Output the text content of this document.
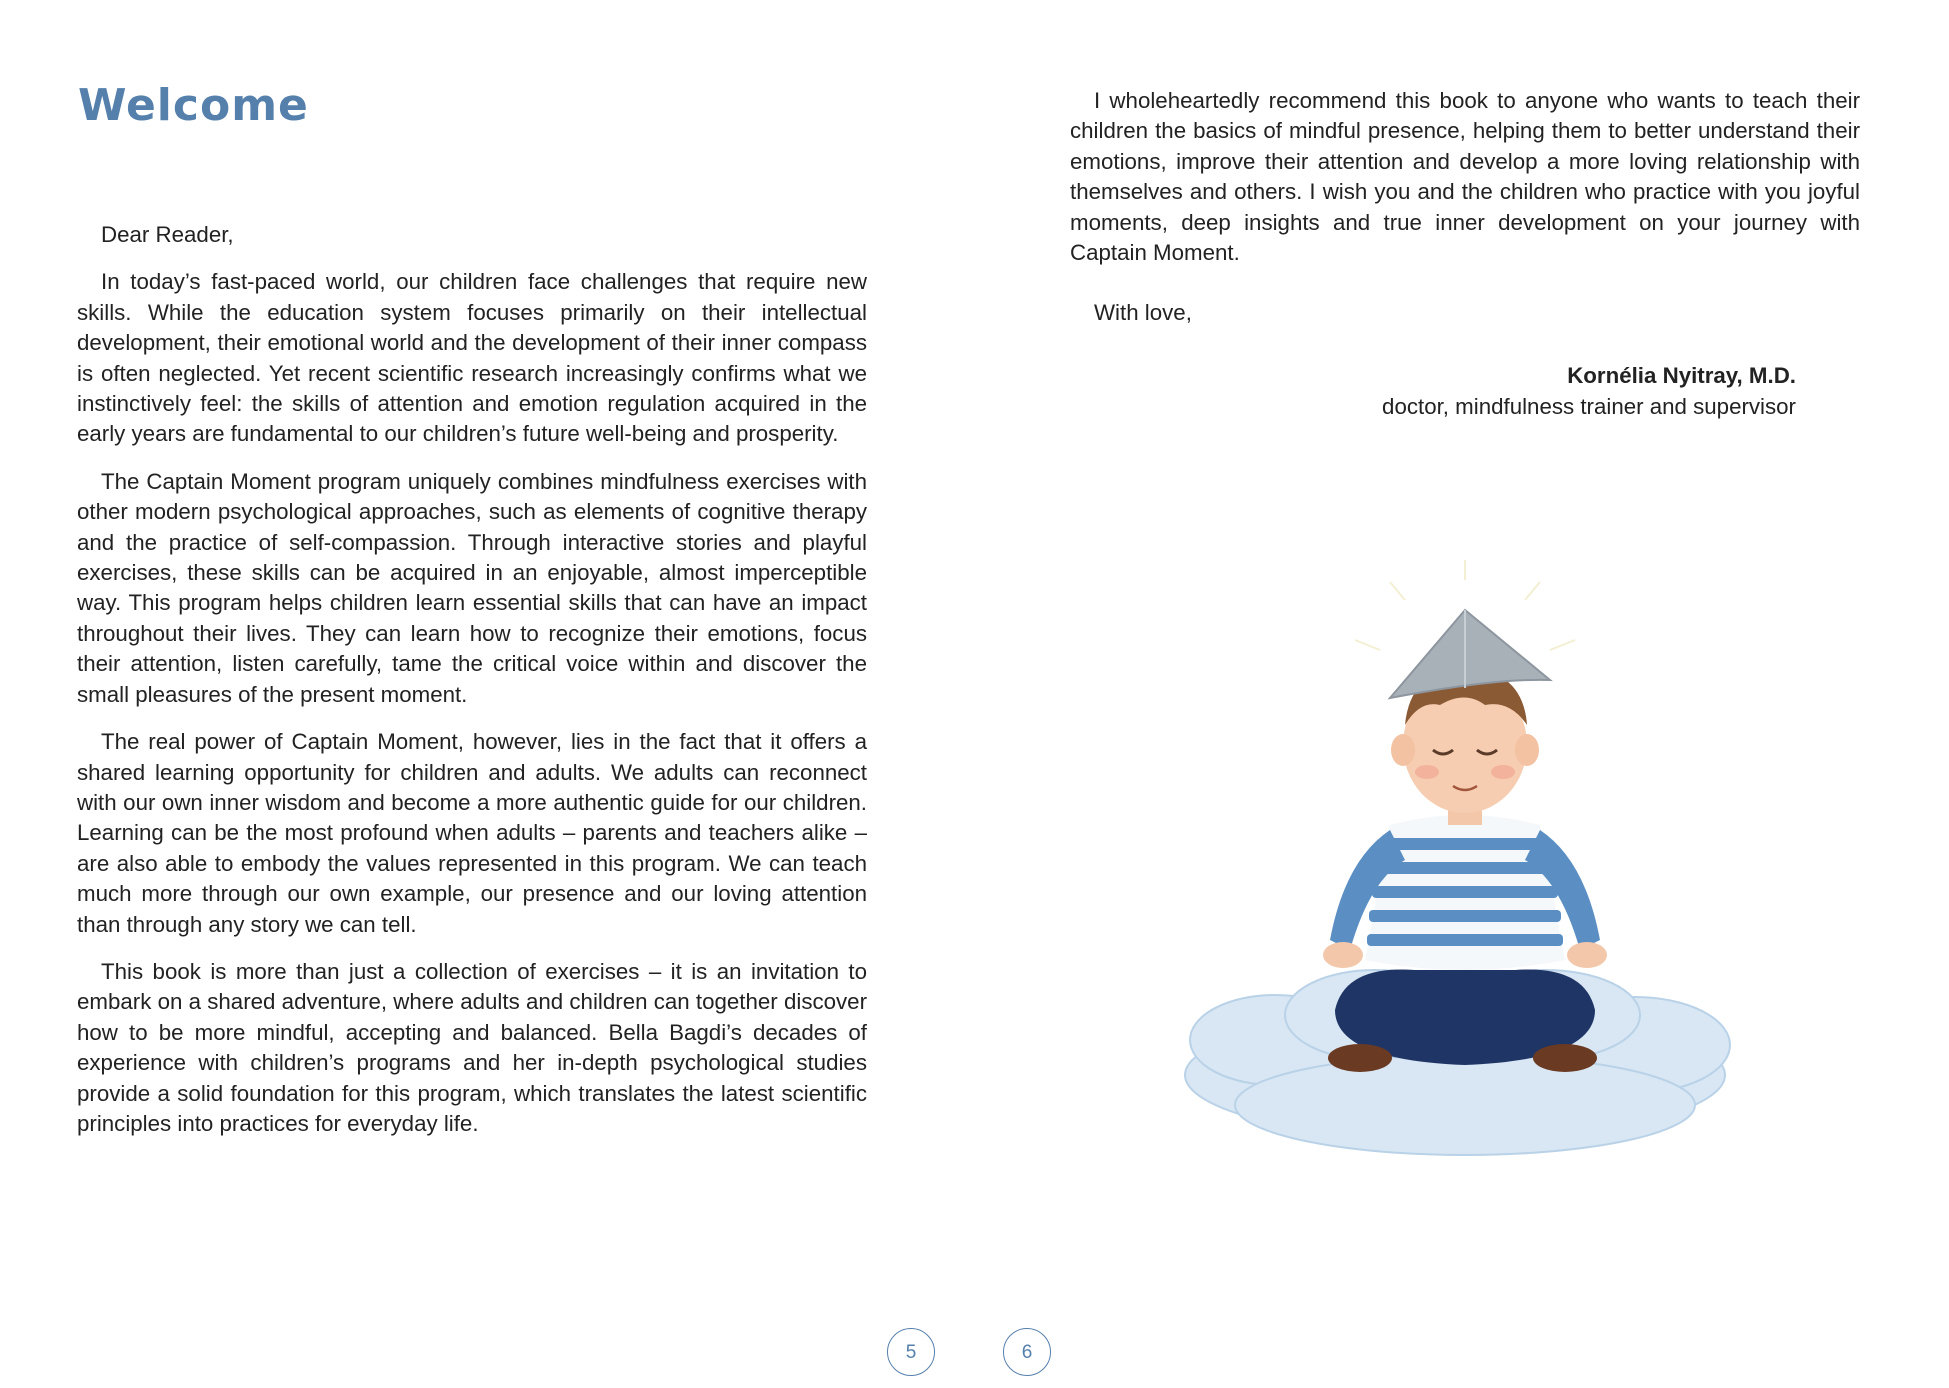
Welcome

Dear Reader,

In today’s fast-paced world, our children face challenges that require new skills. While the education system focuses primarily on their intellectual development, their emotional world and the development of their inner compass is often neglected. Yet recent scientific research increasingly confirms what we instinctively feel: the skills of attention and emotion regulation acquired in the early years are fundamental to our children’s future well-being and prosperity.

The Captain Moment program uniquely combines mindfulness exercises with other modern psychological approaches, such as elements of cognitive therapy and the practice of self-compassion. Through interactive stories and playful exercises, these skills can be acquired in an enjoyable, almost imperceptible way. This program helps children learn essential skills that can have an impact throughout their lives. They can learn how to recognize their emotions, focus their attention, listen carefully, tame the critical voice within and discover the small pleasures of the present moment.

The real power of Captain Moment, however, lies in the fact that it offers a shared learning opportunity for children and adults. We adults can reconnect with our own inner wisdom and become a more authentic guide for our children. Learning can be the most profound when adults – parents and teachers alike – are also able to embody the values represented in this program. We can teach much more through our own example, our presence and our loving attention than through any story we can tell.

This book is more than just a collection of exercises – it is an invitation to embark on a shared adventure, where adults and children can together discover how to be more mindful, accepting and balanced. Bella Bagdi’s decades of experience with children’s programs and her in-depth psychological studies provide a solid foundation for this program, which translates the latest scientific principles into practices for everyday life.

5

I wholeheartedly recommend this book to anyone who wants to teach their children the basics of mindful presence, helping them to better understand their emotions, improve their attention and develop a more loving relationship with themselves and others. I wish you and the children who practice with you joyful moments, deep insights and true inner development on your journey with Captain Moment.

With love,

Kornélia Nyitray, M.D.
doctor, mindfulness trainer and supervisor
6
